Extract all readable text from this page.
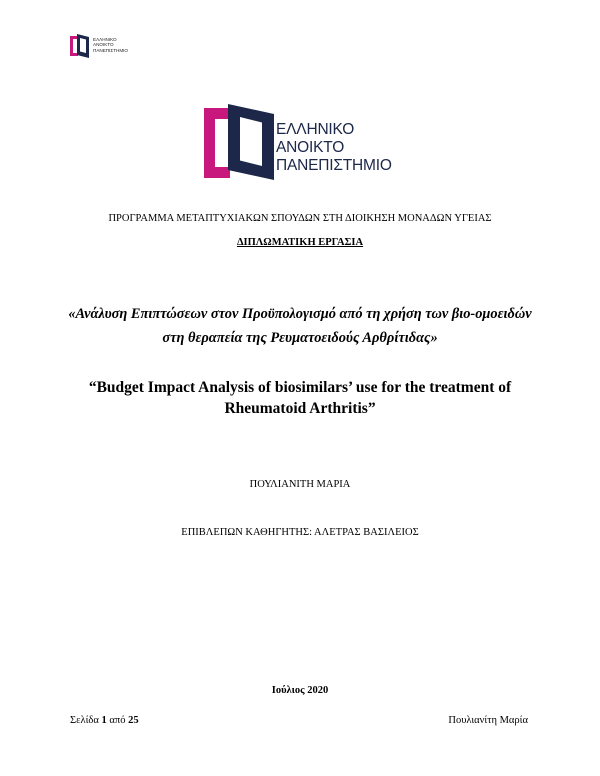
ΕΛΛΗΝΙΚΟ
ΑΝΟΙΚΤΟ
ΠΑΝΕΠΙΣΤΗΜΙΟ
ΕΛΛΗΝΙΚΟ
ΑΝΟΙΚΤΟ
ΠΑΝΕΠΙΣΤΗΜΙΟ
ΠΡΟΓΡΑΜΜΑ ΜΕΤΑΠΤΥΧΙΑΚΩΝ ΣΠΟΥΔΩΝ ΣΤΗ ΔΙΟΙΚΗΣΗ ΜΟΝΑΔΩΝ ΥΓΕΙΑΣ
ΔΙΠΛΩΜΑΤΙΚΗ ΕΡΓΑΣΙΑ
«Ανάλυση Επιπτώσεων στον Προϋπολογισμό από τη χρήση των βιο-ομοειδών στη θεραπεία της Ρευματοειδούς Αρθρίτιδας»
“Budget Impact Analysis of biosimilars’ use for the treatment of Rheumatoid Arthritis”
ΠΟΥΛΙΑΝΙΤΗ ΜΑΡΙΑ
ΕΠΙΒΛΕΠΩΝ ΚΑΘΗΓΗΤΗΣ: ΑΛΕΤΡΑΣ ΒΑΣΙΛΕΙΟΣ
Ιούλιος 2020
Σελίδα 1 από 25	Πουλιανίτη Μαρία
